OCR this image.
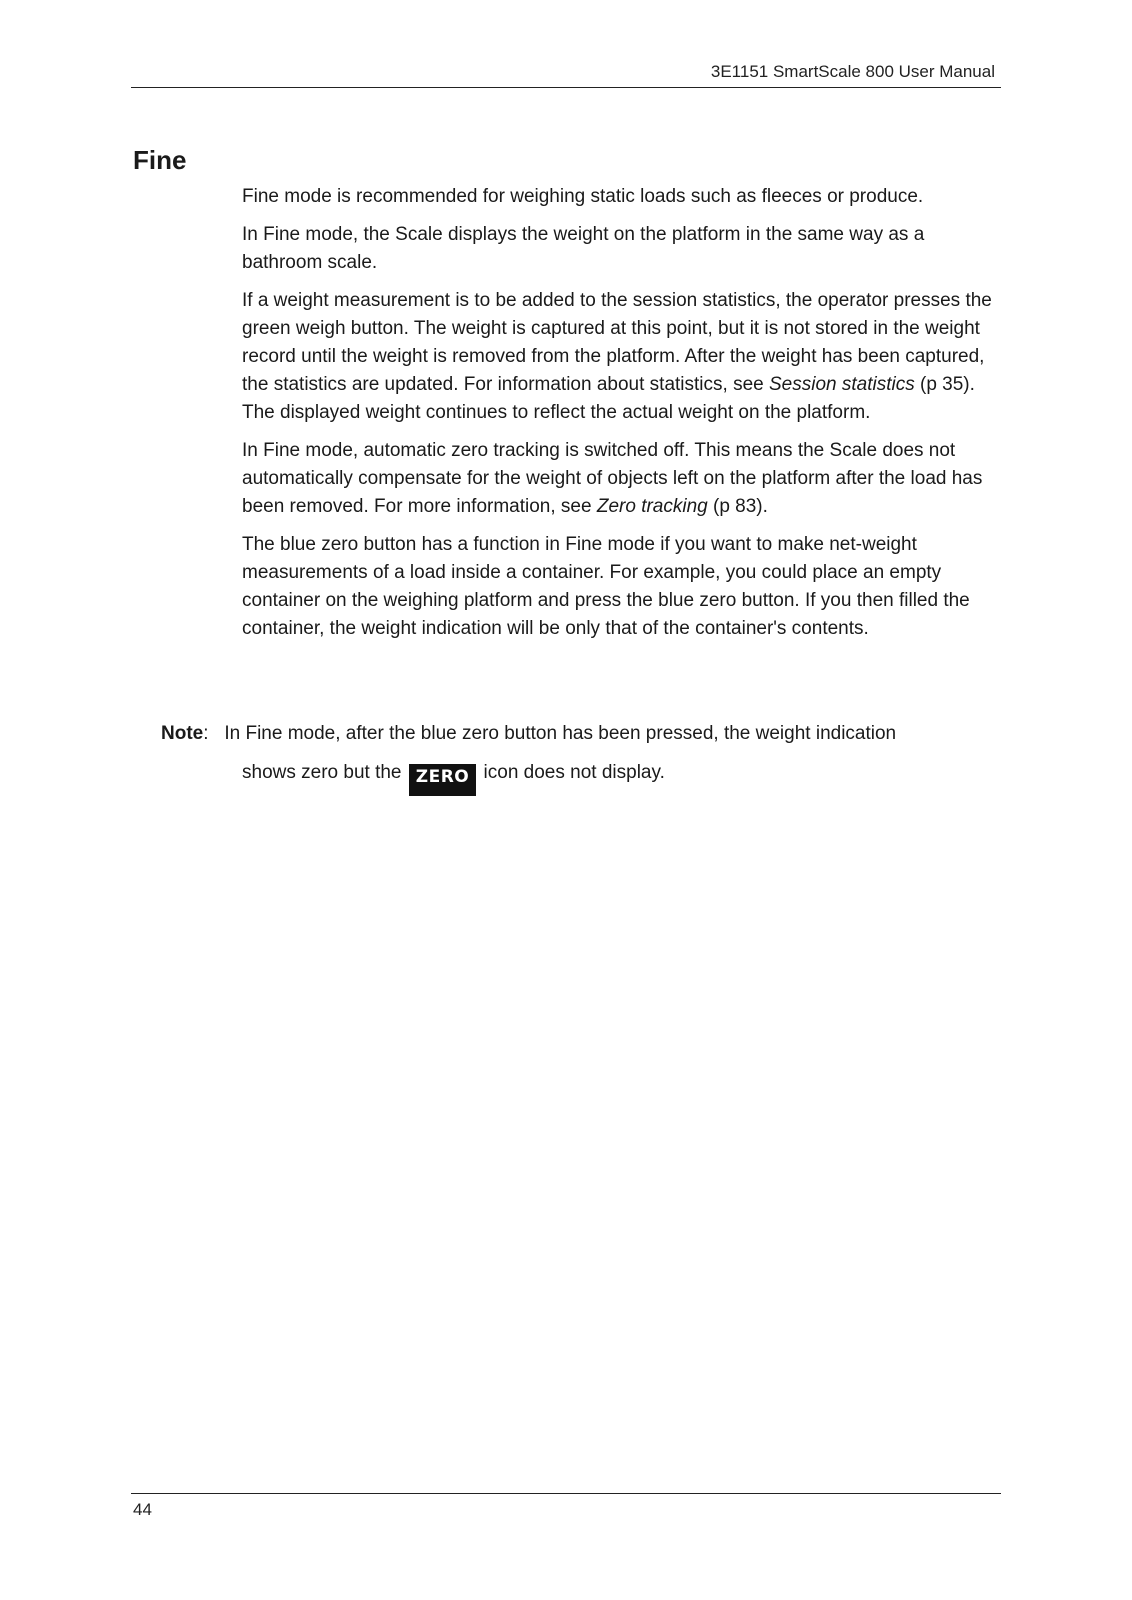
3E1151 SmartScale 800 User Manual
Fine

Fine mode is recommended for weighing static loads such as fleeces or produce.

In Fine mode, the Scale displays the weight on the platform in the same way as a bathroom scale.

If a weight measurement is to be added to the session statistics, the operator presses the green weigh button. The weight is captured at this point, but it is not stored in the weight record until the weight is removed from the platform. After the weight has been captured, the statistics are updated. For information about statistics, see Session statistics (p 35). The displayed weight continues to reflect the actual weight on the platform.

In Fine mode, automatic zero tracking is switched off. This means the Scale does not automatically compensate for the weight of objects left on the platform after the load has been removed. For more information, see Zero tracking (p 83).

The blue zero button has a function in Fine mode if you want to make net-weight measurements of a load inside a container. For example, you could place an empty container on the weighing platform and press the blue zero button. If you then filled the container, the weight indication will be only that of the container's contents.

Note: In Fine mode, after the blue zero button has been pressed, the weight indication
shows zero but the ZERO icon does not display.
44
